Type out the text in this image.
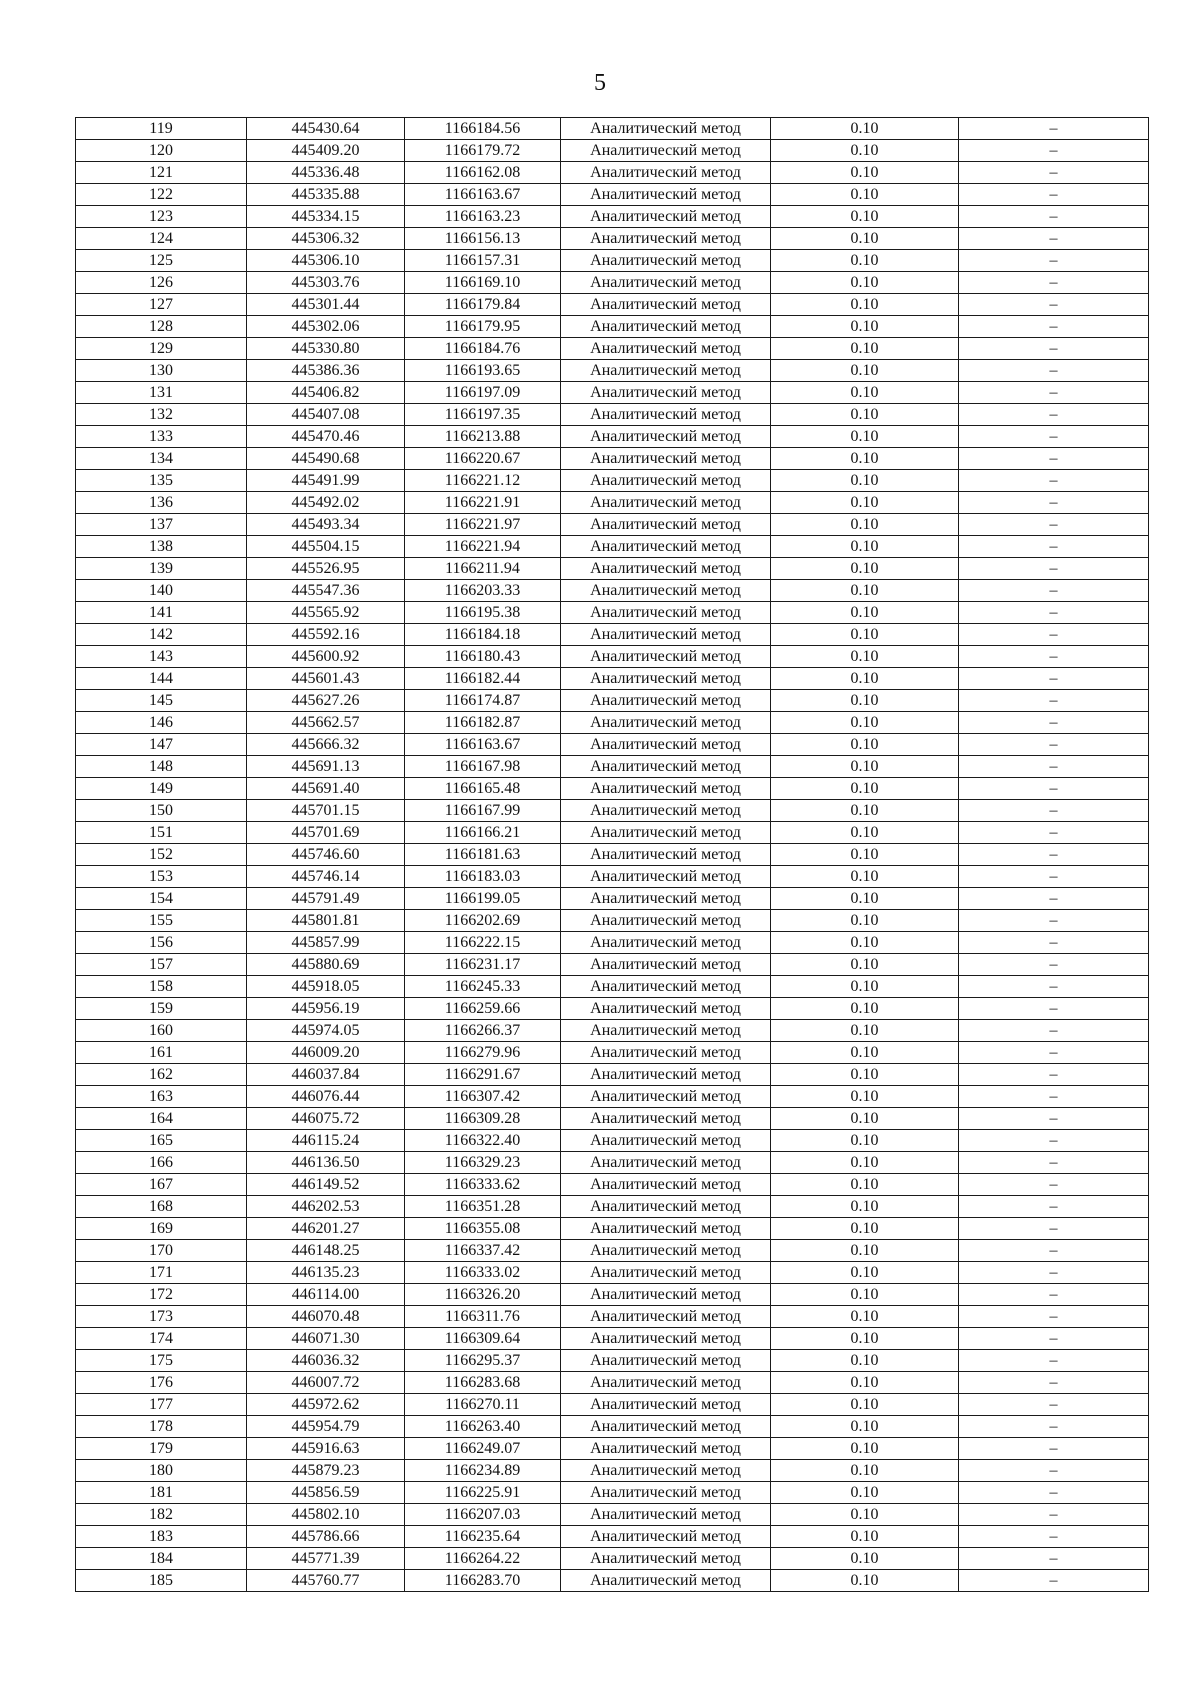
5
119	445430.64	1166184.56	Аналитический метод	0.10	–
120	445409.20	1166179.72	Аналитический метод	0.10	–
121	445336.48	1166162.08	Аналитический метод	0.10	–
122	445335.88	1166163.67	Аналитический метод	0.10	–
123	445334.15	1166163.23	Аналитический метод	0.10	–
124	445306.32	1166156.13	Аналитический метод	0.10	–
125	445306.10	1166157.31	Аналитический метод	0.10	–
126	445303.76	1166169.10	Аналитический метод	0.10	–
127	445301.44	1166179.84	Аналитический метод	0.10	–
128	445302.06	1166179.95	Аналитический метод	0.10	–
129	445330.80	1166184.76	Аналитический метод	0.10	–
130	445386.36	1166193.65	Аналитический метод	0.10	–
131	445406.82	1166197.09	Аналитический метод	0.10	–
132	445407.08	1166197.35	Аналитический метод	0.10	–
133	445470.46	1166213.88	Аналитический метод	0.10	–
134	445490.68	1166220.67	Аналитический метод	0.10	–
135	445491.99	1166221.12	Аналитический метод	0.10	–
136	445492.02	1166221.91	Аналитический метод	0.10	–
137	445493.34	1166221.97	Аналитический метод	0.10	–
138	445504.15	1166221.94	Аналитический метод	0.10	–
139	445526.95	1166211.94	Аналитический метод	0.10	–
140	445547.36	1166203.33	Аналитический метод	0.10	–
141	445565.92	1166195.38	Аналитический метод	0.10	–
142	445592.16	1166184.18	Аналитический метод	0.10	–
143	445600.92	1166180.43	Аналитический метод	0.10	–
144	445601.43	1166182.44	Аналитический метод	0.10	–
145	445627.26	1166174.87	Аналитический метод	0.10	–
146	445662.57	1166182.87	Аналитический метод	0.10	–
147	445666.32	1166163.67	Аналитический метод	0.10	–
148	445691.13	1166167.98	Аналитический метод	0.10	–
149	445691.40	1166165.48	Аналитический метод	0.10	–
150	445701.15	1166167.99	Аналитический метод	0.10	–
151	445701.69	1166166.21	Аналитический метод	0.10	–
152	445746.60	1166181.63	Аналитический метод	0.10	–
153	445746.14	1166183.03	Аналитический метод	0.10	–
154	445791.49	1166199.05	Аналитический метод	0.10	–
155	445801.81	1166202.69	Аналитический метод	0.10	–
156	445857.99	1166222.15	Аналитический метод	0.10	–
157	445880.69	1166231.17	Аналитический метод	0.10	–
158	445918.05	1166245.33	Аналитический метод	0.10	–
159	445956.19	1166259.66	Аналитический метод	0.10	–
160	445974.05	1166266.37	Аналитический метод	0.10	–
161	446009.20	1166279.96	Аналитический метод	0.10	–
162	446037.84	1166291.67	Аналитический метод	0.10	–
163	446076.44	1166307.42	Аналитический метод	0.10	–
164	446075.72	1166309.28	Аналитический метод	0.10	–
165	446115.24	1166322.40	Аналитический метод	0.10	–
166	446136.50	1166329.23	Аналитический метод	0.10	–
167	446149.52	1166333.62	Аналитический метод	0.10	–
168	446202.53	1166351.28	Аналитический метод	0.10	–
169	446201.27	1166355.08	Аналитический метод	0.10	–
170	446148.25	1166337.42	Аналитический метод	0.10	–
171	446135.23	1166333.02	Аналитический метод	0.10	–
172	446114.00	1166326.20	Аналитический метод	0.10	–
173	446070.48	1166311.76	Аналитический метод	0.10	–
174	446071.30	1166309.64	Аналитический метод	0.10	–
175	446036.32	1166295.37	Аналитический метод	0.10	–
176	446007.72	1166283.68	Аналитический метод	0.10	–
177	445972.62	1166270.11	Аналитический метод	0.10	–
178	445954.79	1166263.40	Аналитический метод	0.10	–
179	445916.63	1166249.07	Аналитический метод	0.10	–
180	445879.23	1166234.89	Аналитический метод	0.10	–
181	445856.59	1166225.91	Аналитический метод	0.10	–
182	445802.10	1166207.03	Аналитический метод	0.10	–
183	445786.66	1166235.64	Аналитический метод	0.10	–
184	445771.39	1166264.22	Аналитический метод	0.10	–
185	445760.77	1166283.70	Аналитический метод	0.10	–
